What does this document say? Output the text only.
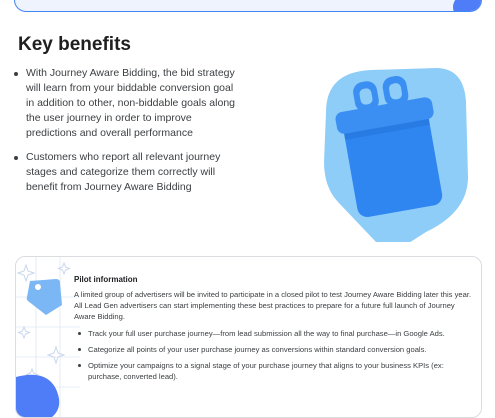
Key benefits
With Journey Aware Bidding, the bid strategy will learn from your biddable conversion goal in addition to other, non-biddable goals along the user journey in order to improve predictions and overall performance
Customers who report all relevant journey stages and categorize them correctly will benefit from Journey Aware Bidding

Pilot information

A limited group of advertisers will be invited to participate in a closed pilot to test Journey Aware Bidding later this year. All Lead Gen advertisers can start implementing these best practices to prepare for a future full launch of Journey Aware Bidding.

Track your full user purchase journey—from lead submission all the way to final purchase—in Google Ads.
Categorize all points of your user purchase journey as conversions within standard conversion goals.
Optimize your campaigns to a signal stage of your purchase journey that aligns to your business KPIs (ex: purchase, converted lead).
